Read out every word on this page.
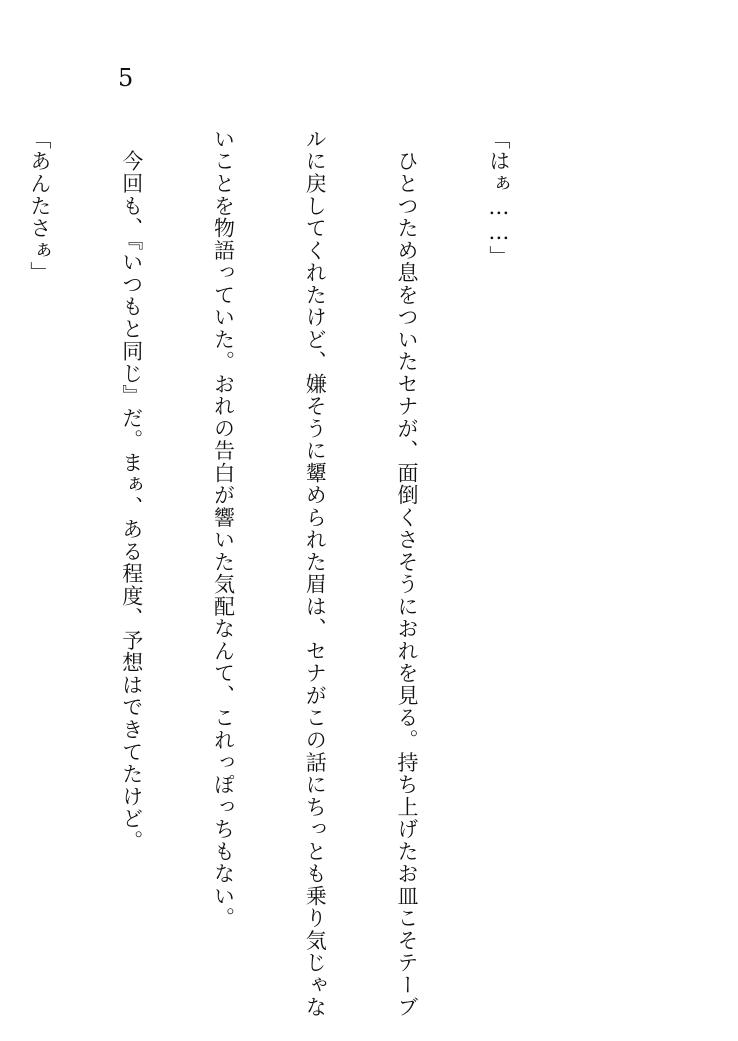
5

「はぁ……」

　ひとつため息をついたセナが、面倒くさそうにおれを見る。持ち上げたお皿こそテーブ

ルに戻してくれたけど、嫌そうに顰められた眉は、セナがこの話にちっとも乗り気じゃな

いことを物語っていた。おれの告白が響いた気配なんて、これっぽっちもない。

　今回も、『いつもと同じ』だ。まぁ、ある程度、予想はできてたけど。

「あんたさぁ」
